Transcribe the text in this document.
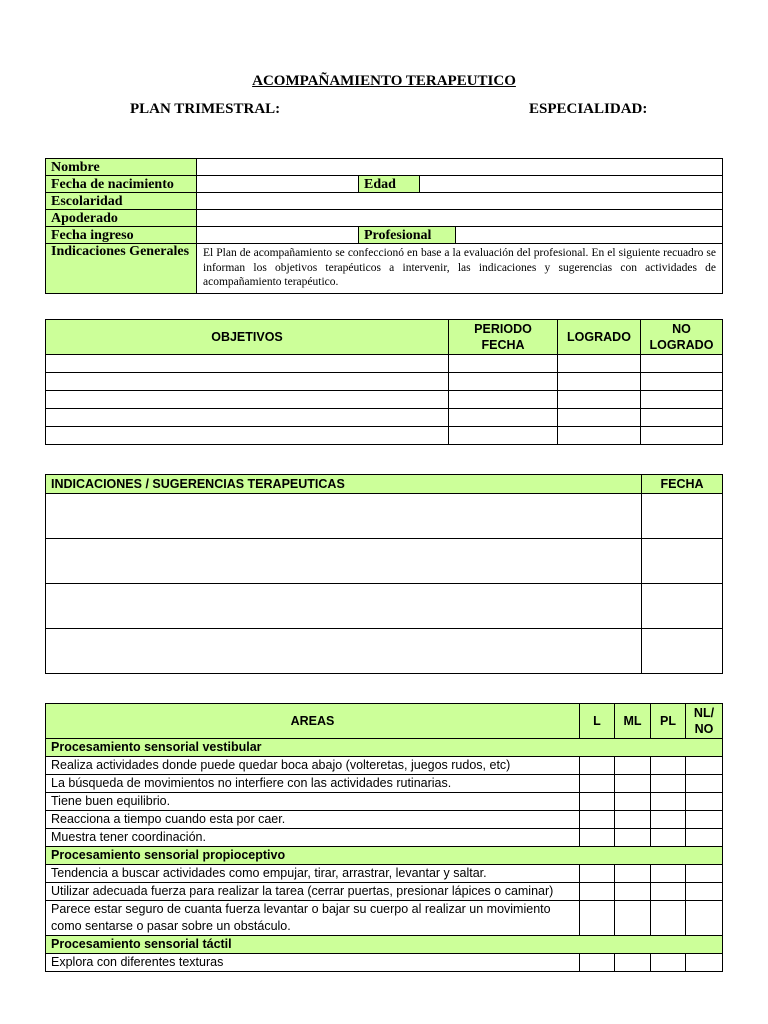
ACOMPAÑAMIENTO TERAPEUTICO
PLAN TRIMESTRAL:	ESPECIALIDAD:
Nombre				
Fecha de nacimiento		Edad		
Escolaridad				
Apoderado				
Fecha ingreso		Profesional		
Indicaciones Generales	El Plan de acompañamiento se confeccionó en base a la evaluación del profesional. En el siguiente recuadro se informan los objetivos terapéuticos a intervenir, las indicaciones y sugerencias con actividades de acompañamiento terapéutico.			
OBJETIVOS	PERIODO FECHA	LOGRADO	NO LOGRADO

INDICACIONES / SUGERENCIAS TERAPEUTICAS	FECHA

AREAS	L	ML	PL	NL/ NO
Procesamiento sensorial vestibular				
Realiza actividades donde puede quedar boca abajo (volteretas, juegos rudos, etc)				
La búsqueda de movimientos no interfiere con las actividades rutinarias.				
Tiene buen equilibrio.				
Reacciona a tiempo cuando esta por caer.				
Muestra tener coordinación.				
Procesamiento sensorial propioceptivo				
Tendencia a buscar actividades como empujar, tirar, arrastrar, levantar y saltar.				
Utilizar adecuada fuerza para realizar la tarea (cerrar puertas, presionar lápices o caminar)				
Parece estar seguro de cuanta fuerza levantar o bajar su cuerpo al realizar un movimiento como sentarse o pasar sobre un obstáculo.				
Procesamiento sensorial táctil				
Explora con diferentes texturas				
